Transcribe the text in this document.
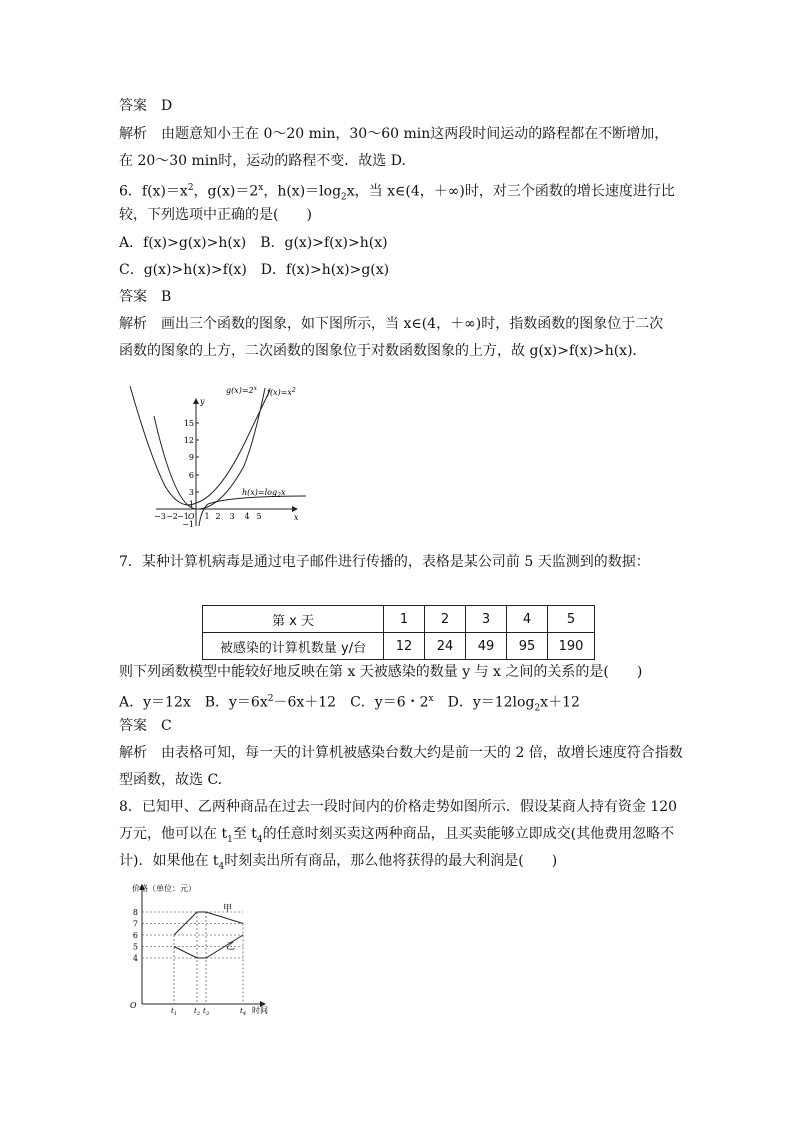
答案　D
解析　由题意知小王在 0～20 min，30～60 min这两段时间运动的路程都在不断增加，
在 20～30 min时，运动的路程不变．故选 D.
6．$f(x)=x^2$，$g(x)=2^x$，$h(x)=\log_2x$，当 x∈(4，＋∞)时，对三个函数的增长速度进行比
较，下列选项中正确的是(　　)
A．f(x)>g(x)>h(x)　B．g(x)>f(x)>h(x)
C．g(x)>h(x)>f(x)　D．f(x)>h(x)>g(x)
答案　B
解析　画出三个函数的图象，如下图所示，当 x∈(4，＋∞)时，指数函数的图象位于二次
函数的图象的上方，二次函数的图象位于对数函数图象的上方，故 g(x)>f(x)>h(x)．
$g(x)=2^x$ $f(x)=x^2$
$h(x)=\log_2x$
y
x
O
15
12
9
6
3
1
−1
−3 −2 −1 1 2 3 4 5
7．某种计算机病毒是通过电子邮件进行传播的，表格是某公司前 5 天监测到的数据：
第 x 天	1	2	3	4	5
被感染的计算机数量 y/台	12	24	49	95	190
则下列函数模型中能较好地反映在第 x 天被感染的数量 y 与 x 之间的关系的是(　　)
A．y＝12x　B．$y=6x^2-6x+12$　C．y＝6・2$^x$　D．$y=12\log_2x+12$
答案　C
解析　由表格可知，每一天的计算机被感染台数大约是前一天的 2 倍，故增长速度符合指数
型函数，故选 C.
8．已知甲、乙两种商品在过去一段时间内的价格走势如图所示．假设某商人持有资金 120
万元，他可以在 $t_1$至 $t_4$的任意时刻买卖这两种商品，且买卖能够立即成交(其他费用忽略不
计)．如果他在 $t_4$时刻卖出所有商品，那么他将获得的最大利润是(　　)
价格（单位：元）
时间
O
8
7
6
5
4
$t_1$ $t_2$ $t_3$	$t_4$
甲
乙
